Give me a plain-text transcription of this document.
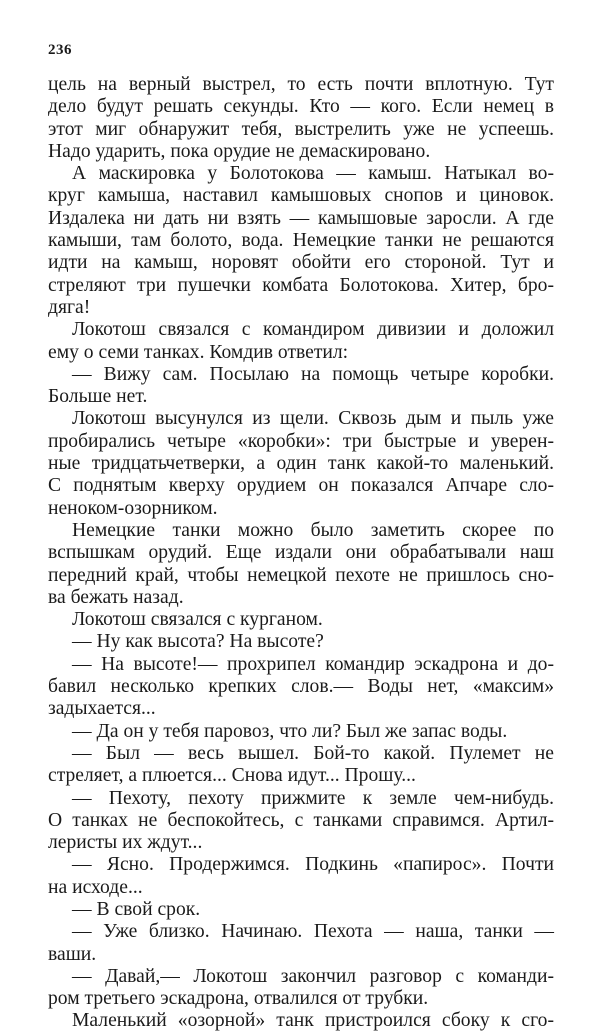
236
цель на верный выстрел, то есть почти вплотную. Тут
дело будут решать секунды. Кто — кого. Если немец в
этот миг обнаружит тебя, выстрелить уже не успеешь.
Надо ударить, пока орудие не демаскировано.
А маскировка у Болотокова — камыш. Натыкал во-
круг камыша, наставил камышовых снопов и циновок.
Издалека ни дать ни взять — камышовые заросли. А где
камыши, там болото, вода. Немецкие танки не решаются
идти на камыш, норовят обойти его стороной. Тут и
стреляют три пушечки комбата Болотокова. Хитер, бро-
дяга!
Локотош связался с командиром дивизии и доложил
ему о семи танках. Комдив ответил:
— Вижу сам. Посылаю на помощь четыре коробки.
Больше нет.
Локотош высунулся из щели. Сквозь дым и пыль уже
пробирались четыре «коробки»: три быстрые и уверен-
ные тридцатьчетверки, а один танк какой-то маленький.
С поднятым кверху орудием он показался Апчаре сло-
неноком-озорником.
Немецкие танки можно было заметить скорее по
вспышкам орудий. Еще издали они обрабатывали наш
передний край, чтобы немецкой пехоте не пришлось сно-
ва бежать назад.
Локотош связался с курганом.
— Ну как высота? На высоте?
— На высоте!— прохрипел командир эскадрона и до-
бавил несколько крепких слов.— Воды нет, «максим»
задыхается...
— Да он у тебя паровоз, что ли? Был же запас воды.
— Был — весь вышел. Бой-то какой. Пулемет не
стреляет, а плюется... Снова идут... Прошу...
— Пехоту, пехоту прижмите к земле чем-нибудь.
О танках не беспокойтесь, с танками справимся. Артил-
леристы их ждут...
— Ясно. Продержимся. Подкинь «папирос». Почти
на исходе...
— В свой срок.
— Уже близко. Начинаю. Пехота — наша, танки —
ваши.
— Давай,— Локотош закончил разговор с команди-
ром третьего эскадрона, отвалился от трубки.
Маленький «озорной» танк пристроился сбоку к сго-
